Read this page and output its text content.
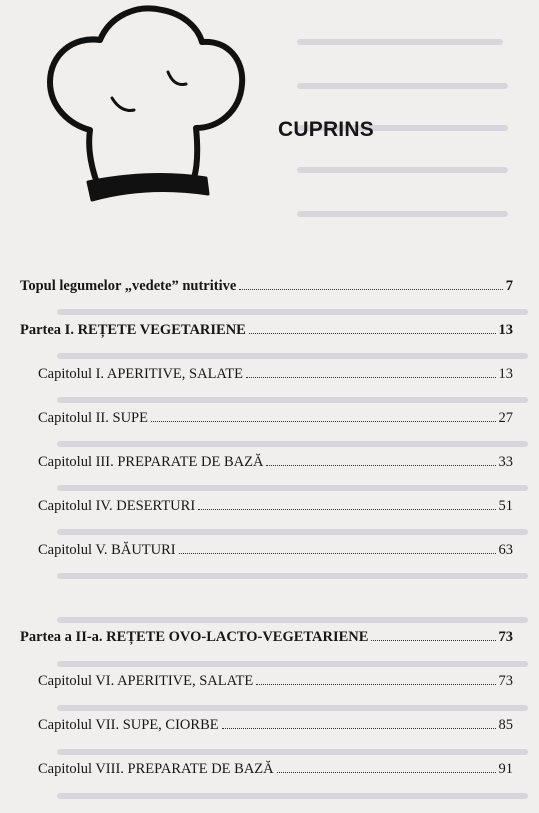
CUPRINS
Topul legumelor „vedete” nutritive	7
Partea I. REȚETE VEGETARIENE	13
Capitolul I. APERITIVE, SALATE	13
Capitolul II. SUPE	27
Capitolul III. PREPARATE DE BAZĂ	33
Capitolul IV. DESERTURI	51
Capitolul V. BĂUTURI	63
Partea a II-a. REȚETE OVO-LACTO-VEGETARIENE	73
Capitolul VI. APERITIVE, SALATE	73
Capitolul VII. SUPE, CIORBE	85
Capitolul VIII. PREPARATE DE BAZĂ	91
